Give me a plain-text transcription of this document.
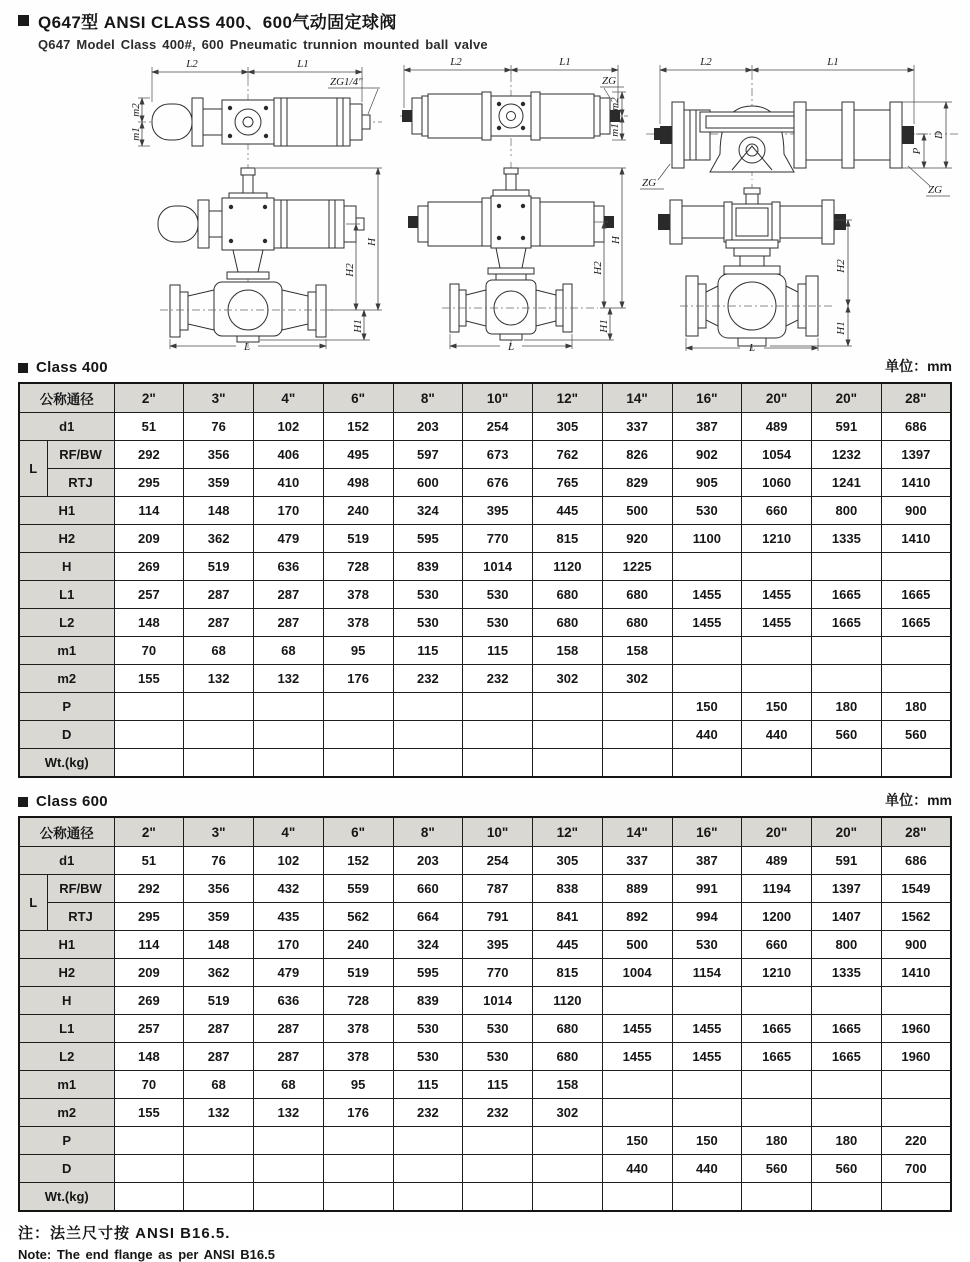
Q647型 ANSI CLASS 400、600气动固定球阀
Q647 Model Class 400#, 600 Pneumatic trunnion mounted ball valve
L2	L1
ZG1/4"
m2
m1
H
H2
H1
L
L2	L1
ZG
m2
m1
H
H2
H1
L
L2	L1
D
P
ZG
ZG
H2
H1
L
Class 400	单位：mm
公称通径		2"	3"	4"	6"	8"	10"	12"	14"	16"	20"	20"	28"
d1		51	76	102	152	203	254	305	337	387	489	591	686
L	RF/BW	292	356	406	495	597	673	762	826	902	1054	1232	1397
	RTJ	295	359	410	498	600	676	765	829	905	1060	1241	1410
H1		114	148	170	240	324	395	445	500	530	660	800	900
H2		209	362	479	519	595	770	815	920	1100	1210	1335	1410
H		269	519	636	728	839	1014	1120	1225				
L1		257	287	287	378	530	530	680	680	1455	1455	1665	1665
L2		148	287	287	378	530	530	680	680	1455	1455	1665	1665
m1		70	68	68	95	115	115	158	158				
m2		155	132	132	176	232	232	302	302				
P										150	150	180	180
D										440	440	560	560
Wt.(kg)													
Class 600	单位：mm
公称通径		2"	3"	4"	6"	8"	10"	12"	14"	16"	20"	20"	28"
d1		51	76	102	152	203	254	305	337	387	489	591	686
L	RF/BW	292	356	432	559	660	787	838	889	991	1194	1397	1549
	RTJ	295	359	435	562	664	791	841	892	994	1200	1407	1562
H1		114	148	170	240	324	395	445	500	530	660	800	900
H2		209	362	479	519	595	770	815	1004	1154	1210	1335	1410
H		269	519	636	728	839	1014	1120					
L1		257	287	287	378	530	530	680	1455	1455	1665	1665	1960
L2		148	287	287	378	530	530	680	1455	1455	1665	1665	1960
m1		70	68	68	95	115	115	158					
m2		155	132	132	176	232	232	302					
P									150	150	180	180	220
D									440	440	560	560	700
Wt.(kg)													
注：法兰尺寸按 ANSI B16.5.
Note: The end flange as per ANSI B16.5
